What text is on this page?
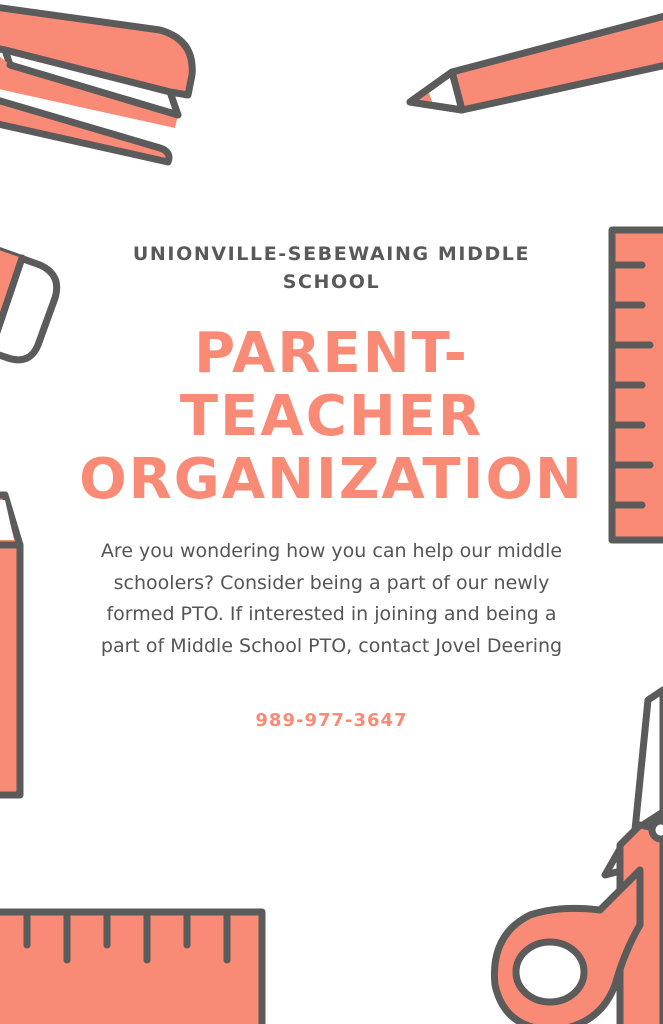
UNIONVILLE-SEBEWAING MIDDLE SCHOOL

PARENT-TEACHER ORGANIZATION

Are you wondering how you can help our middle schoolers? Consider being a part of our newly formed PTO. If interested in joining and being a part of Middle School PTO, contact Jovel Deering

989-977-3647
